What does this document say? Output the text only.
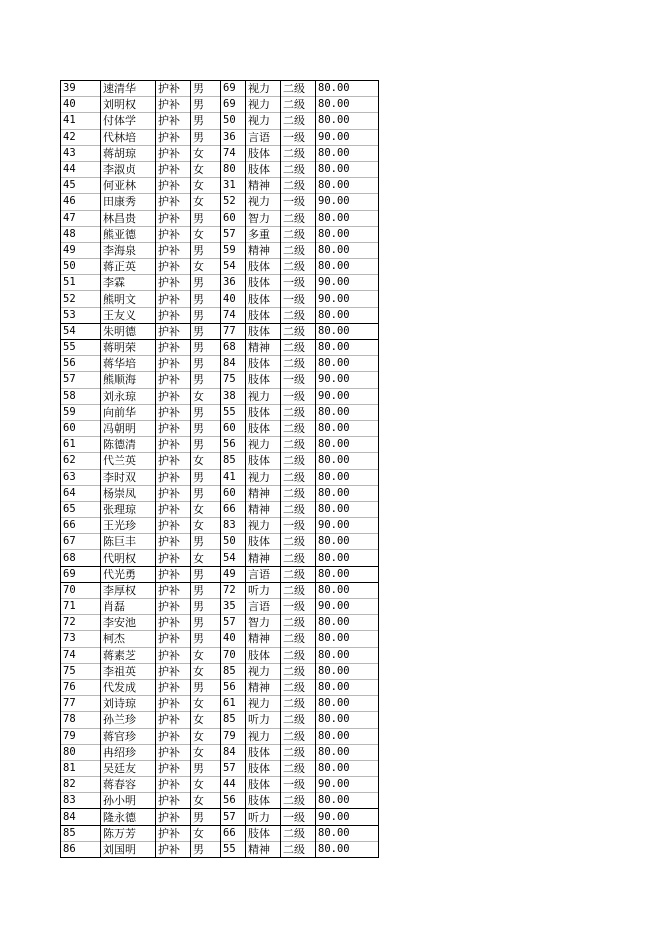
39	速清华	护补	男	69	视力	二级	80.00
40	刘明权	护补	男	69	视力	二级	80.00
41	付体学	护补	男	50	视力	二级	80.00
42	代林培	护补	男	36	言语	一级	90.00
43	蒋胡琼	护补	女	74	肢体	二级	80.00
44	李淑贞	护补	女	80	肢体	二级	80.00
45	何亚林	护补	女	31	精神	二级	80.00
46	田康秀	护补	女	52	视力	一级	90.00
47	林昌贵	护补	男	60	智力	二级	80.00
48	熊亚德	护补	女	57	多重	二级	80.00
49	李海泉	护补	男	59	精神	二级	80.00
50	蒋正英	护补	女	54	肢体	二级	80.00
51	李霖	护补	男	36	肢体	一级	90.00
52	熊明文	护补	男	40	肢体	一级	90.00
53	王友义	护补	男	74	肢体	二级	80.00
54	朱明德	护补	男	77	肢体	二级	80.00
55	蒋明荣	护补	男	68	精神	二级	80.00
56	蒋华培	护补	男	84	肢体	二级	80.00
57	熊顺海	护补	男	75	肢体	一级	90.00
58	刘永琼	护补	女	38	视力	一级	90.00
59	向前华	护补	男	55	肢体	二级	80.00
60	冯朝明	护补	男	60	肢体	二级	80.00
61	陈德清	护补	男	56	视力	二级	80.00
62	代兰英	护补	女	85	肢体	二级	80.00
63	李时双	护补	男	41	视力	二级	80.00
64	杨崇凤	护补	男	60	精神	二级	80.00
65	张理琼	护补	女	66	精神	二级	80.00
66	王光珍	护补	女	83	视力	一级	90.00
67	陈巨丰	护补	男	50	肢体	二级	80.00
68	代明权	护补	女	54	精神	二级	80.00
69	代光勇	护补	男	49	言语	二级	80.00
70	李厚权	护补	男	72	听力	二级	80.00
71	肖磊	护补	男	35	言语	一级	90.00
72	李安池	护补	男	57	智力	二级	80.00
73	柯杰	护补	男	40	精神	二级	80.00
74	蒋素芝	护补	女	70	肢体	二级	80.00
75	李祖英	护补	女	85	视力	二级	80.00
76	代发成	护补	男	56	精神	二级	80.00
77	刘诗琼	护补	女	61	视力	二级	80.00
78	孙兰珍	护补	女	85	听力	二级	80.00
79	蒋官珍	护补	女	79	视力	二级	80.00
80	冉绍珍	护补	女	84	肢体	二级	80.00
81	吴廷友	护补	男	57	肢体	二级	80.00
82	蒋春容	护补	女	44	肢体	一级	90.00
83	孙小明	护补	女	56	肢体	二级	80.00
84	隆永德	护补	男	57	听力	一级	90.00
85	陈万芳	护补	女	66	肢体	二级	80.00
86	刘国明	护补	男	55	精神	二级	80.00
